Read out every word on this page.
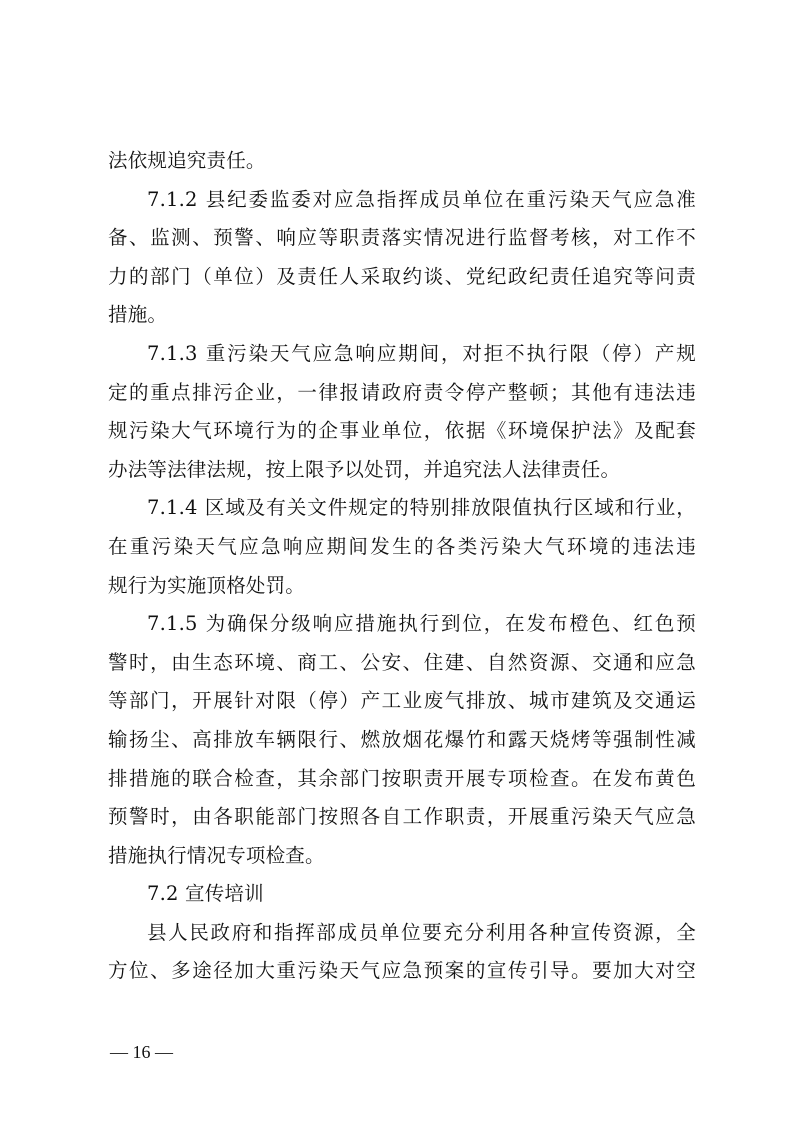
法依规追究责任。
7.1.2 县纪委监委对应急指挥成员单位在重污染天气应急准
备、监测、预警、响应等职责落实情况进行监督考核，对工作不
力的部门（单位）及责任人采取约谈、党纪政纪责任追究等问责
措施。
7.1.3 重污染天气应急响应期间，对拒不执行限（停）产规
定的重点排污企业，一律报请政府责令停产整顿；其他有违法违
规污染大气环境行为的企事业单位，依据《环境保护法》及配套
办法等法律法规，按上限予以处罚，并追究法人法律责任。
7.1.4 区域及有关文件规定的特别排放限值执行区域和行业，
在重污染天气应急响应期间发生的各类污染大气环境的违法违
规行为实施顶格处罚。
7.1.5 为确保分级响应措施执行到位，在发布橙色、红色预
警时，由生态环境、商工、公安、住建、自然资源、交通和应急
等部门，开展针对限（停）产工业废气排放、城市建筑及交通运
输扬尘、高排放车辆限行、燃放烟花爆竹和露天烧烤等强制性减
排措施的联合检查，其余部门按职责开展专项检查。在发布黄色
预警时，由各职能部门按照各自工作职责，开展重污染天气应急
措施执行情况专项检查。
7.2 宣传培训
县人民政府和指挥部成员单位要充分利用各种宣传资源，全
方位、多途径加大重污染天气应急预案的宣传引导。要加大对空
— 16 —
